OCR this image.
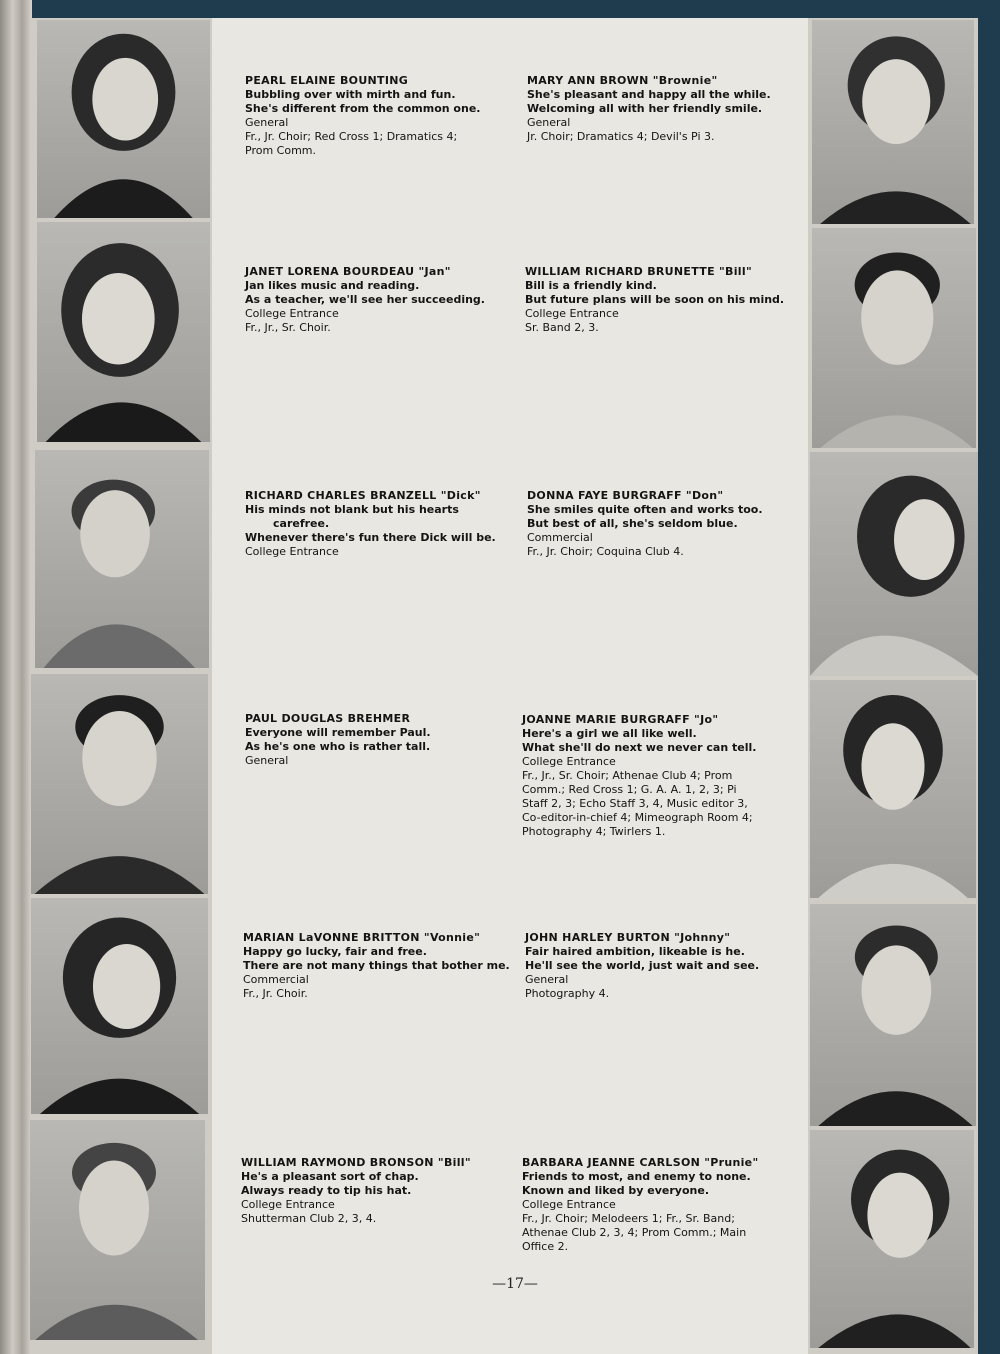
PEARL ELAINE BOUNTING
Bubbling over with mirth and fun.
She's different from the common one.
General
Fr., Jr. Choir; Red Cross 1; Dramatics 4;
Prom Comm.
MARY ANN BROWN "Brownie"
She's pleasant and happy all the while.
Welcoming all with her friendly smile.
General
Jr. Choir; Dramatics 4; Devil's Pi 3.
JANET LORENA BOURDEAU "Jan"
Jan likes music and reading.
As a teacher, we'll see her succeeding.
College Entrance
Fr., Jr., Sr. Choir.
WILLIAM RICHARD BRUNETTE "Bill"
Bill is a friendly kind.
But future plans will be soon on his mind.
College Entrance
Sr. Band 2, 3.
RICHARD CHARLES BRANZELL "Dick"
His minds not blank but his hearts
carefree.
Whenever there's fun there Dick will be.
College Entrance
DONNA FAYE BURGRAFF "Don"
She smiles quite often and works too.
But best of all, she's seldom blue.
Commercial
Fr., Jr. Choir; Coquina Club 4.
PAUL DOUGLAS BREHMER
Everyone will remember Paul.
As he's one who is rather tall.
General
JOANNE MARIE BURGRAFF "Jo"
Here's a girl we all like well.
What she'll do next we never can tell.
College Entrance
Fr., Jr., Sr. Choir; Athenae Club 4; Prom
Comm.; Red Cross 1; G. A. A. 1, 2, 3; Pi
Staff 2, 3; Echo Staff 3, 4, Music editor 3,
Co-editor-in-chief 4; Mimeograph Room 4;
Photography 4; Twirlers 1.
MARIAN LaVONNE BRITTON "Vonnie"
Happy go lucky, fair and free.
There are not many things that bother me.
Commercial
Fr., Jr. Choir.
JOHN HARLEY BURTON "Johnny"
Fair haired ambition, likeable is he.
He'll see the world, just wait and see.
General
Photography 4.
WILLIAM RAYMOND BRONSON "Bill"
He's a pleasant sort of chap.
Always ready to tip his hat.
College Entrance
Shutterman Club 2, 3, 4.
BARBARA JEANNE CARLSON "Prunie"
Friends to most, and enemy to none.
Known and liked by everyone.
College Entrance
Fr., Jr. Choir; Melodeers 1; Fr., Sr. Band;
Athenae Club 2, 3, 4; Prom Comm.; Main
Office 2.
—17—
